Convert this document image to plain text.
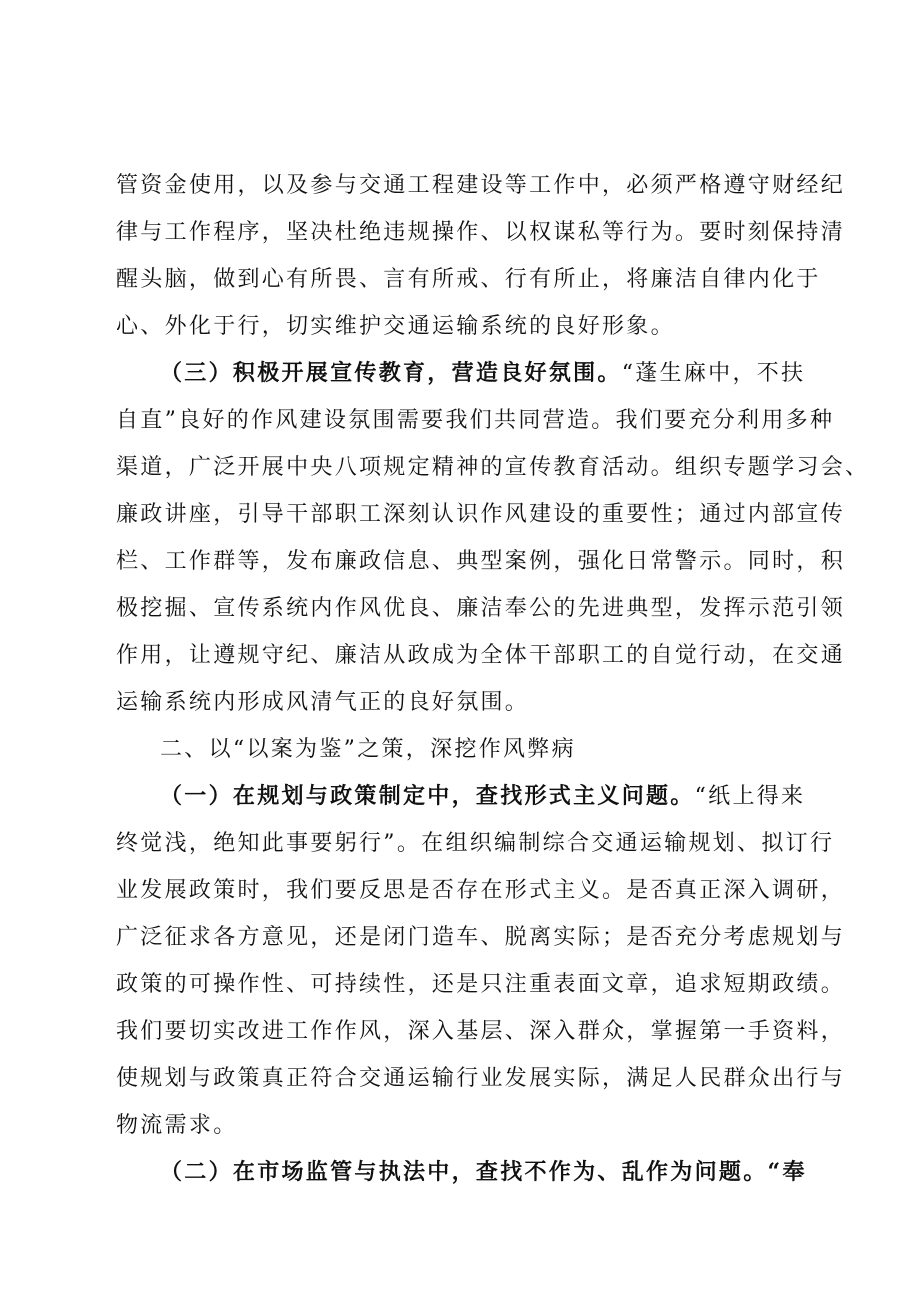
管资金使用，以及参与交通工程建设等工作中，必须严格遵守财经纪
律与工作程序，坚决杜绝违规操作、以权谋私等行为。要时刻保持清
醒头脑，做到心有所畏、言有所戒、行有所止，将廉洁自律内化于
心、外化于行，切实维护交通运输系统的良好形象。
（三）积极开展宣传教育，营造良好氛围。“蓬生麻中，不扶
自直”良好的作风建设氛围需要我们共同营造。我们要充分利用多种
渠道，广泛开展中央八项规定精神的宣传教育活动。组织专题学习会、
廉政讲座，引导干部职工深刻认识作风建设的重要性；通过内部宣传
栏、工作群等，发布廉政信息、典型案例，强化日常警示。同时，积
极挖掘、宣传系统内作风优良、廉洁奉公的先进典型，发挥示范引领
作用，让遵规守纪、廉洁从政成为全体干部职工的自觉行动，在交通
运输系统内形成风清气正的良好氛围。
二、以“以案为鉴”之策，深挖作风弊病
（一）在规划与政策制定中，查找形式主义问题。“纸上得来
终觉浅，绝知此事要躬行”。在组织编制综合交通运输规划、拟订行
业发展政策时，我们要反思是否存在形式主义。是否真正深入调研，
广泛征求各方意见，还是闭门造车、脱离实际；是否充分考虑规划与
政策的可操作性、可持续性，还是只注重表面文章，追求短期政绩。
我们要切实改进工作作风，深入基层、深入群众，掌握第一手资料，
使规划与政策真正符合交通运输行业发展实际，满足人民群众出行与
物流需求。
（二）在市场监管与执法中，查找不作为、乱作为问题。“奉
